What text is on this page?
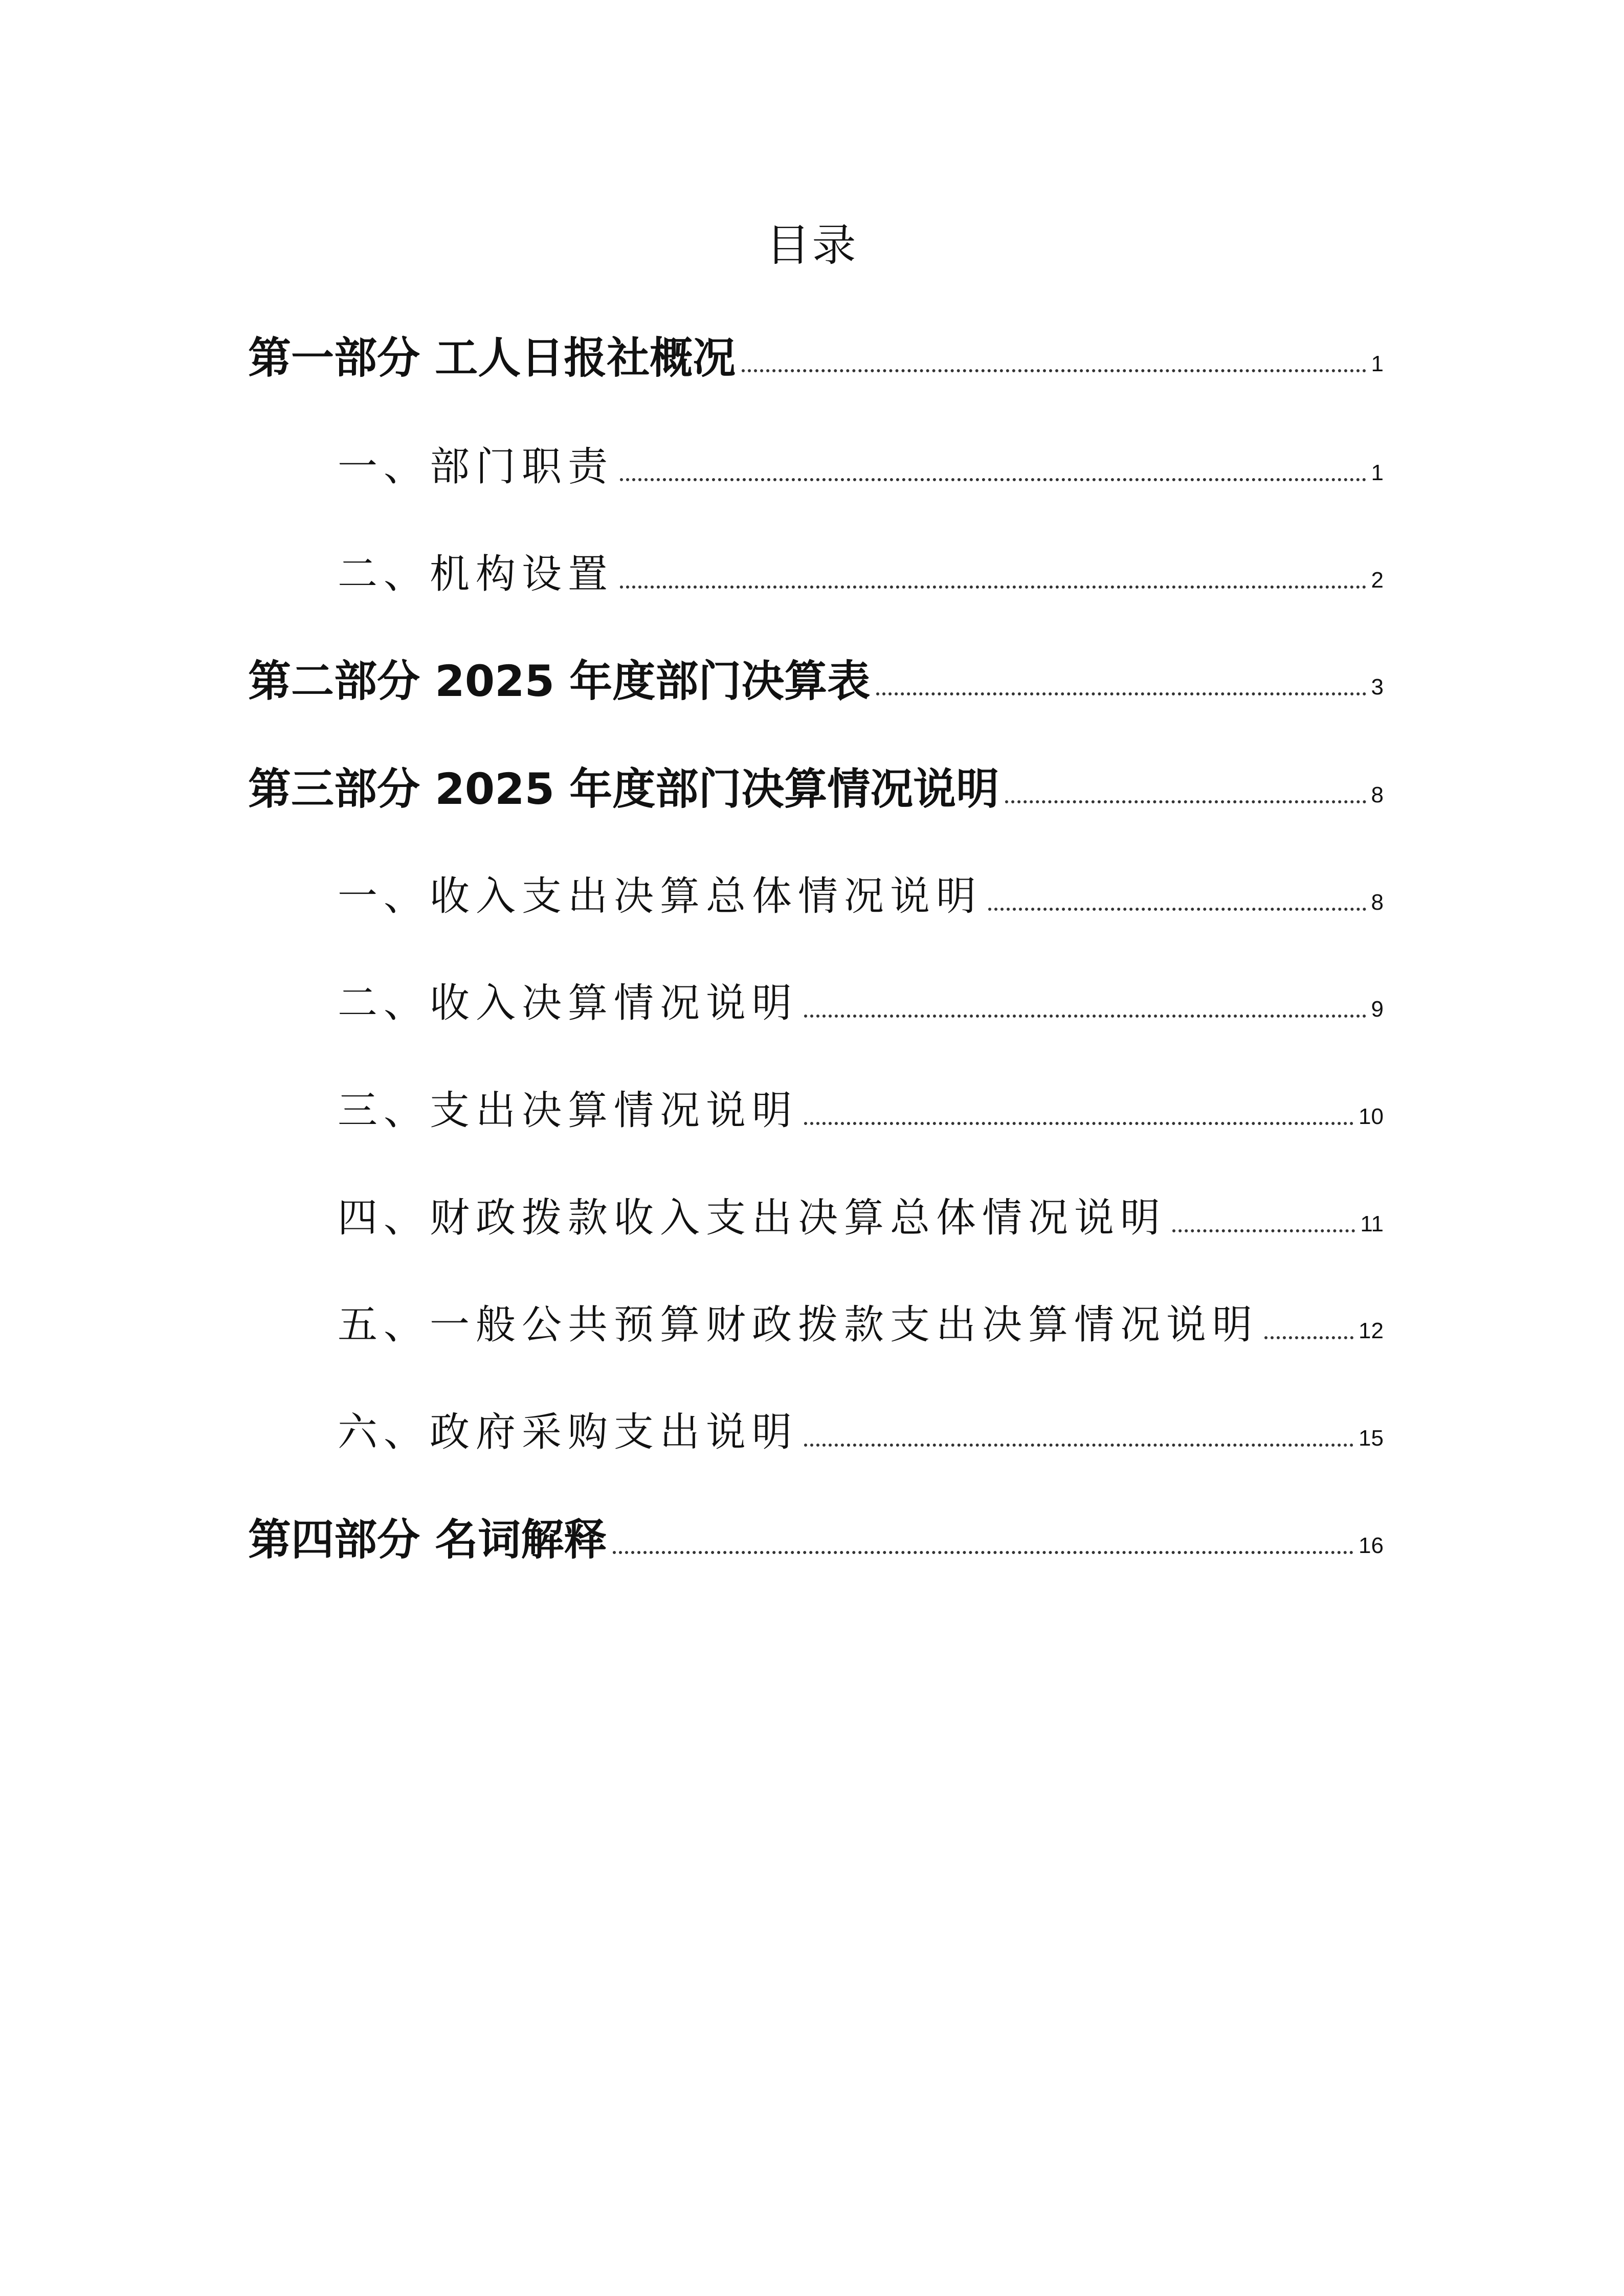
目录
第一部分 工人日报社概况	1
一、部门职责	1
二、机构设置	2
第二部分 2025 年度部门决算表	3
第三部分 2025 年度部门决算情况说明	8
一、收入支出决算总体情况说明	8
二、收入决算情况说明	9
三、支出决算情况说明	10
四、财政拨款收入支出决算总体情况说明	11
五、一般公共预算财政拨款支出决算情况说明	12
六、政府采购支出说明	15
第四部分 名词解释	16
